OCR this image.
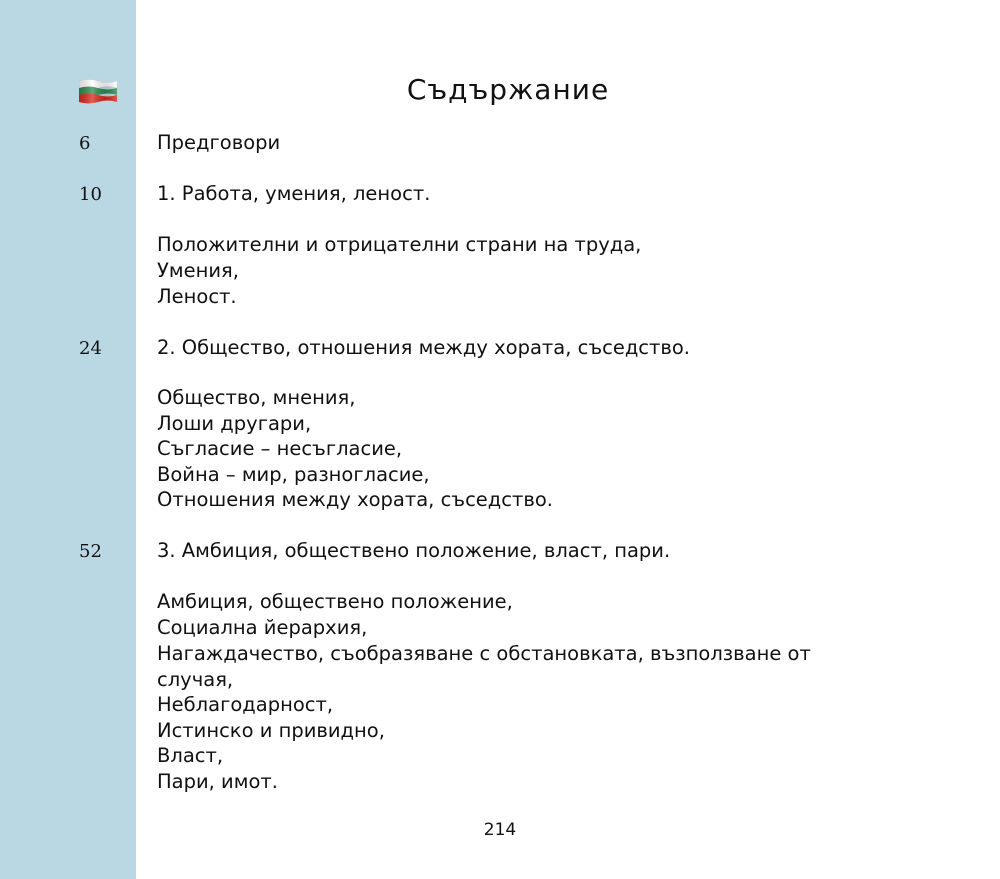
Съдържание
6
10
24
52
Предговори
1. Работа, умения, леност.
Положителни и отрицателни страни на труда,
Умения,
Леност.
2. Общество, отношения между хората, съседство.
Общество, мнения,
Лоши другари,
Съгласие – несъгласие,
Война – мир, разногласие,
Отношения между хората, съседство.
3. Амбиция, обществено положение, власт, пари.
Амбиция, обществено положение,
Социална йерархия,
Нагаждачество, съобразяване с обстановката, възползване от
случая,
Неблагодарност,
Истинско и привидно,
Власт,
Пари, имот.
214
